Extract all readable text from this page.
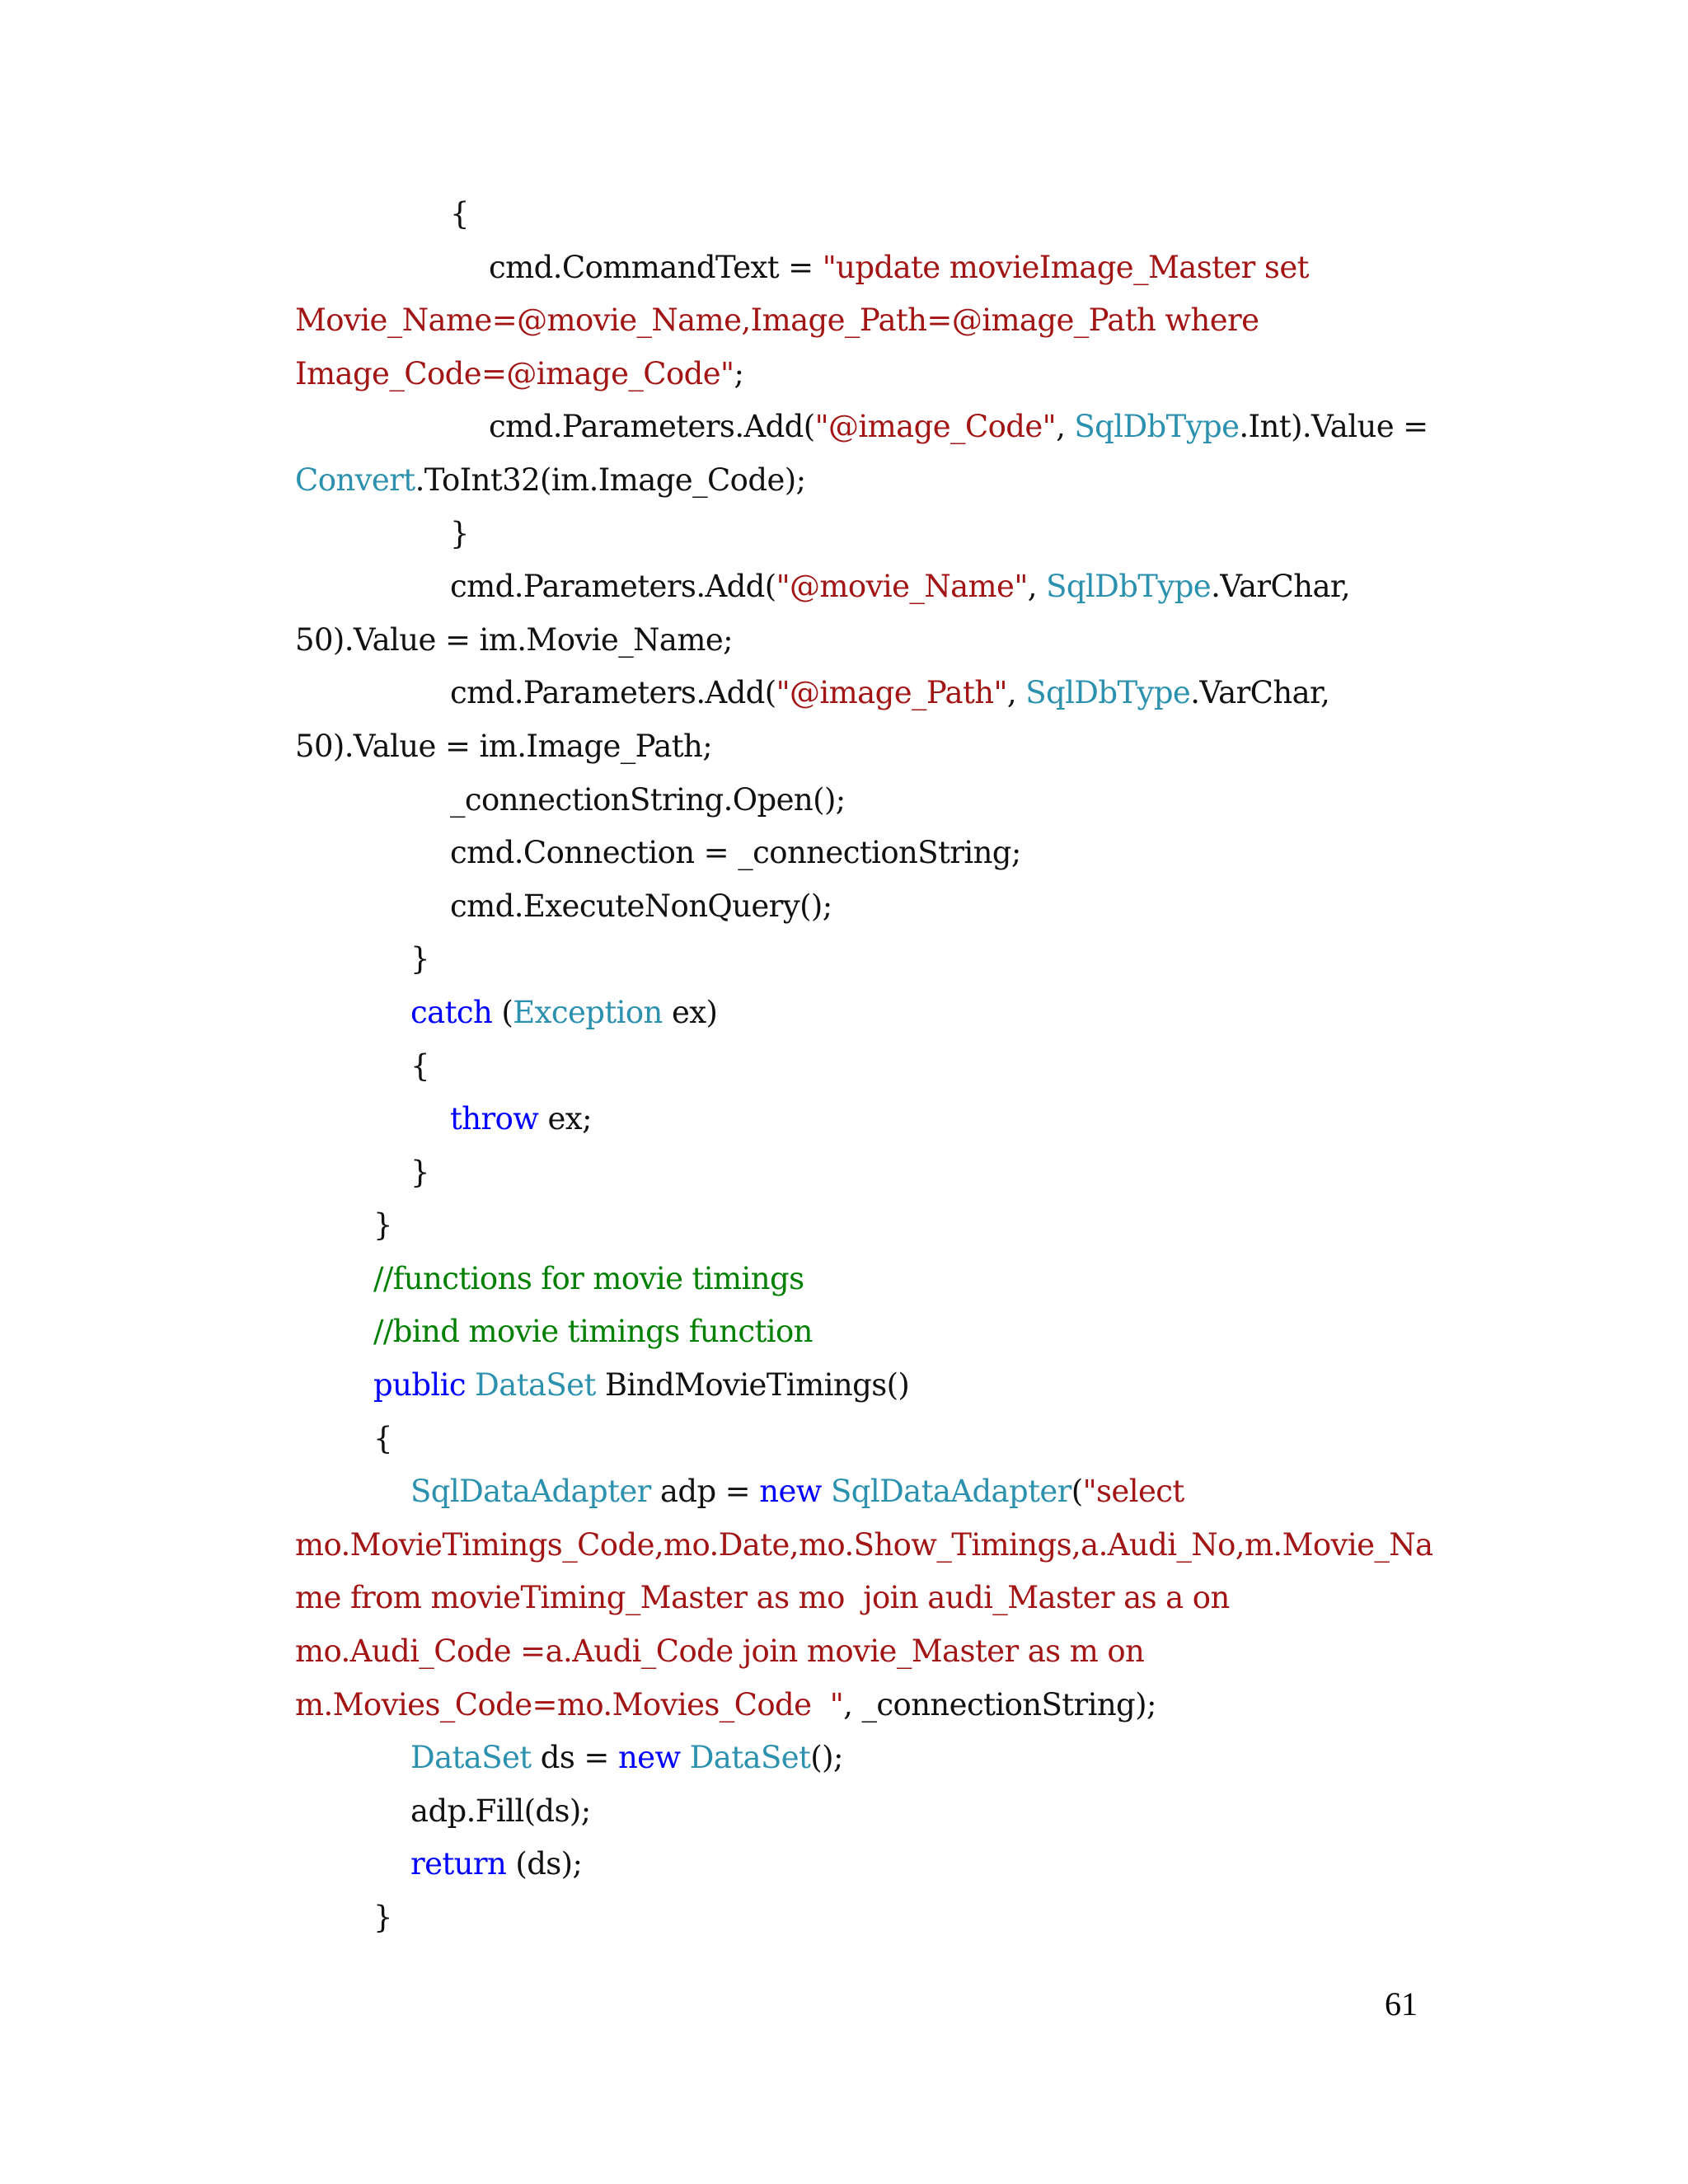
{
cmd.CommandText = "update movieImage_Master set
Movie_Name=@movie_Name,Image_Path=@image_Path where
Image_Code=@image_Code";
cmd.Parameters.Add("@image_Code", SqlDbType.Int).Value =
Convert.ToInt32(im.Image_Code);
}
cmd.Parameters.Add("@movie_Name", SqlDbType.VarChar,
50).Value = im.Movie_Name;
cmd.Parameters.Add("@image_Path", SqlDbType.VarChar,
50).Value = im.Image_Path;
_connectionString.Open();
cmd.Connection = _connectionString;
cmd.ExecuteNonQuery();
}
catch (Exception ex)
{
throw ex;
}
}
//functions for movie timings
//bind movie timings function
public DataSet BindMovieTimings()
{
SqlDataAdapter adp = new SqlDataAdapter("select
mo.MovieTimings_Code,mo.Date,mo.Show_Timings,a.Audi_No,m.Movie_Na
me from movieTiming_Master as mo  join audi_Master as a on
mo.Audi_Code =a.Audi_Code join movie_Master as m on
m.Movies_Code=mo.Movies_Code  ", _connectionString);
DataSet ds = new DataSet();
adp.Fill(ds);
return (ds);
}
61
